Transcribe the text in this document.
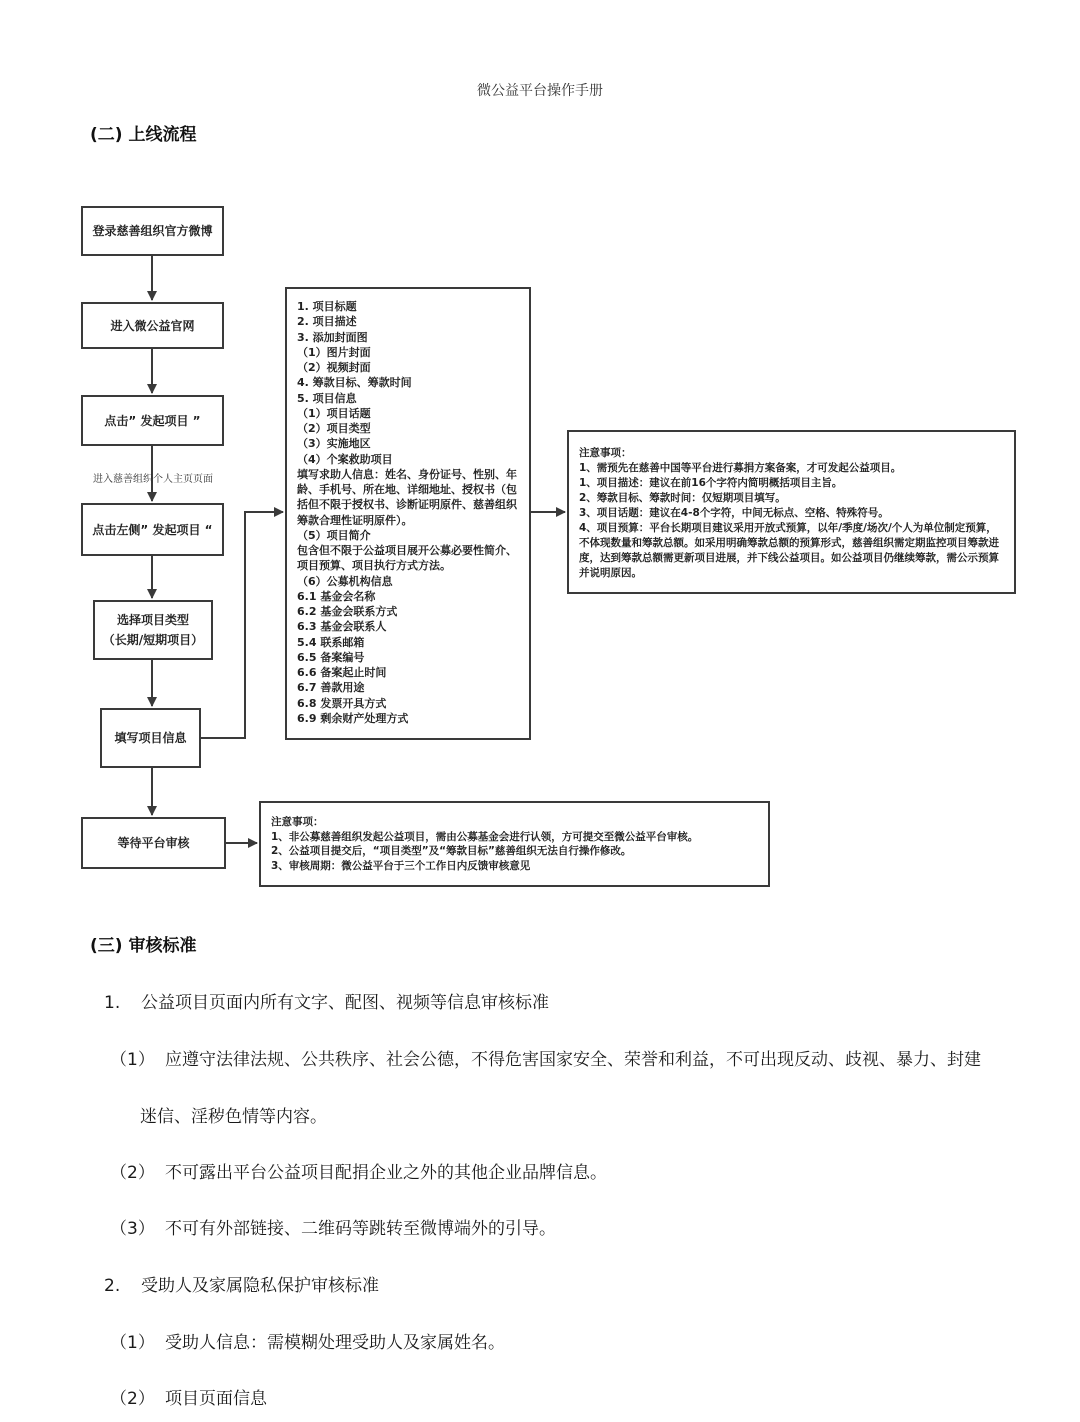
微公益平台操作手册
(二) 上线流程
登录慈善组织官方微博
进入微公益官网
点击” 发起项目 ”
进入慈善组织个人主页页面
点击左侧” 发起项目 “
选择项目类型
（长期/短期项目）
填写项目信息
等待平台审核
1. 项目标题
2. 项目描述
3. 添加封面图
（1）图片封面
（2）视频封面
4. 筹款目标、筹款时间
5. 项目信息
（1）项目话题
（2）项目类型
（3）实施地区
（4）个案救助项目
填写求助人信息：姓名、身份证号、性别、年龄、手机号、所在地、详细地址、授权书（包括但不限于授权书、诊断证明原件、慈善组织筹款合理性证明原件）。
（5）项目简介
包含但不限于公益项目展开公募必要性简介、项目预算、项目执行方式方法。
（6）公募机构信息
6.1 基金会名称
6.2 基金会联系方式
6.3 基金会联系人
5.4 联系邮箱
6.5 备案编号
6.6 备案起止时间
6.7 善款用途
6.8 发票开具方式
6.9 剩余财产处理方式
注意事项：
1、需预先在慈善中国等平台进行募捐方案备案，才可发起公益项目。
1、项目描述：建议在前16个字符内简明概括项目主旨。
2、筹款目标、筹款时间：仅短期项目填写。
3、项目话题：建议在4-8个字符，中间无标点、空格、特殊符号。
4、项目预算：平台长期项目建议采用开放式预算，以年/季度/场次/个人为单位制定预算，不体现数量和筹款总额。如采用明确筹款总额的预算形式，慈善组织需定期监控项目筹款进度，达到筹款总额需更新项目进展，并下线公益项目。如公益项目仍继续筹款，需公示预算并说明原因。
注意事项：
1、非公募慈善组织发起公益项目，需由公募基金会进行认领，方可提交至微公益平台审核。
2、公益项目提交后，“项目类型”及“筹款目标”慈善组织无法自行操作修改。
3、审核周期：微公益平台于三个工作日内反馈审核意见
(三) 审核标准
1. 公益项目页面内所有文字、配图、视频等信息审核标准
（1） 应遵守法律法规、公共秩序、社会公德，不得危害国家安全、荣誉和利益，不可出现反动、歧视、暴力、封建
迷信、淫秽色情等内容。
（2） 不可露出平台公益项目配捐企业之外的其他企业品牌信息。
（3） 不可有外部链接、二维码等跳转至微博端外的引导。
2. 受助人及家属隐私保护审核标准
（1） 受助人信息：需模糊处理受助人及家属姓名。
（2） 项目页面信息
